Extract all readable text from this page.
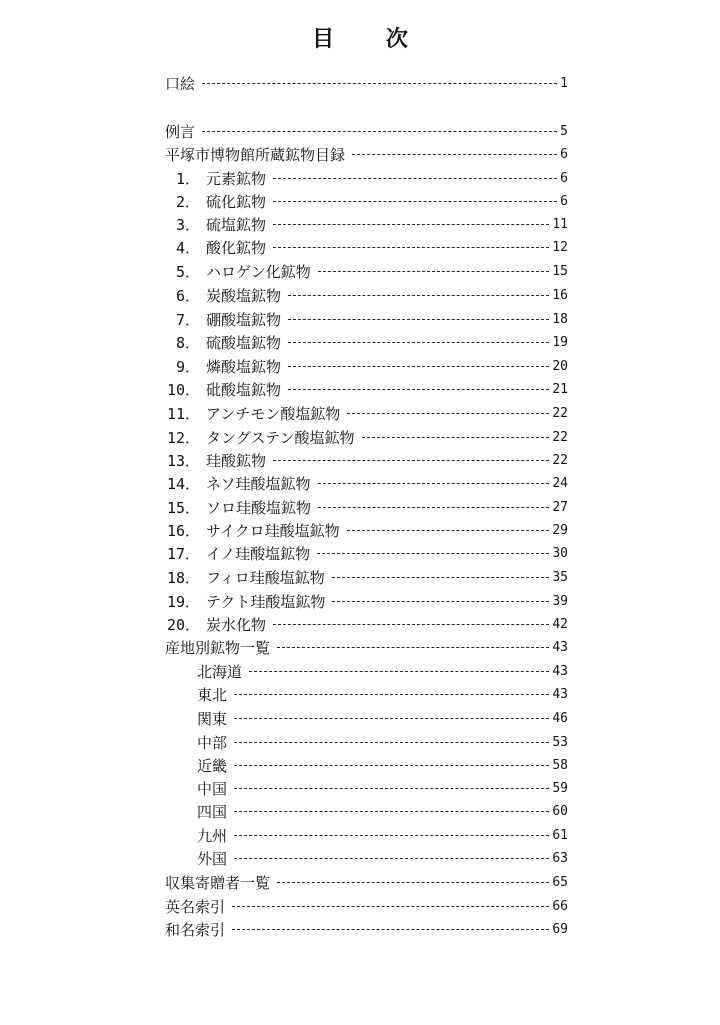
目 次
口絵	1
例言	5
平塚市博物館所蔵鉱物目録	6
1． 元素鉱物	6
2． 硫化鉱物	6
3． 硫塩鉱物	11
4． 酸化鉱物	12
5． ハロゲン化鉱物	15
6． 炭酸塩鉱物	16
7． 硼酸塩鉱物	18
8． 硫酸塩鉱物	19
9． 燐酸塩鉱物	20
10． 砒酸塩鉱物	21
11． アンチモン酸塩鉱物	22
12． タングステン酸塩鉱物	22
13． 珪酸鉱物	22
14． ネソ珪酸塩鉱物	24
15． ソロ珪酸塩鉱物	27
16． サイクロ珪酸塩鉱物	29
17． イノ珪酸塩鉱物	30
18． フィロ珪酸塩鉱物	35
19． テクト珪酸塩鉱物	39
20． 炭水化物	42
産地別鉱物一覧	43
北海道	43
東北	43
関東	46
中部	53
近畿	58
中国	59
四国	60
九州	61
外国	63
収集寄贈者一覧	65
英名索引	66
和名索引	69
